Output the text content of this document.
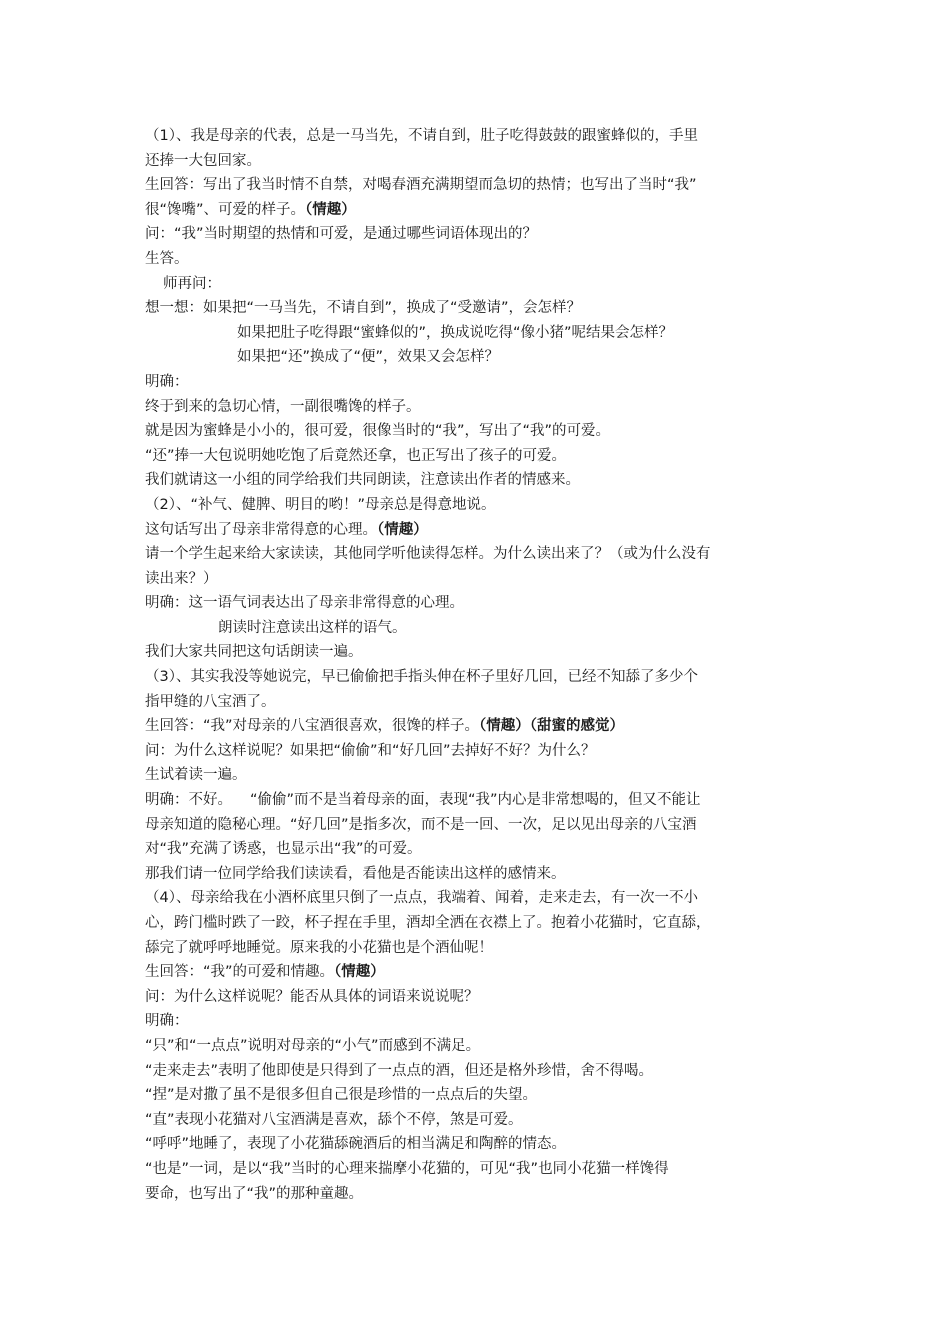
（1）、我是母亲的代表，总是一马当先，不请自到，肚子吃得鼓鼓的跟蜜蜂似的，手里

还捧一大包回家。

生回答：写出了我当时情不自禁，对喝春酒充满期望而急切的热情；也写出了当时“我”

很“馋嘴”、可爱的样子。（情趣）

问：“我”当时期望的热情和可爱，是通过哪些词语体现出的？

生答。

师再问：

想一想：如果把“一马当先，不请自到”，换成了“受邀请”，会怎样？

如果把肚子吃得跟“蜜蜂似的”，换成说吃得“像小猪”呢结果会怎样？

如果把“还”换成了“便”，效果又会怎样？

明确：

终于到来的急切心情，一副很嘴馋的样子。

就是因为蜜蜂是小小的，很可爱，很像当时的“我”，写出了“我”的可爱。

“还”捧一大包说明她吃饱了后竟然还拿，也正写出了孩子的可爱。

我们就请这一小组的同学给我们共同朗读，注意读出作者的情感来。

（2）、“补气、健脾、明目的哟！”母亲总是得意地说。

这句话写出了母亲非常得意的心理。（情趣）

请一个学生起来给大家读读，其他同学听他读得怎样。为什么读出来了？（或为什么没有

读出来？）

明确：这一语气词表达出了母亲非常得意的心理。

朗读时注意读出这样的语气。

我们大家共同把这句话朗读一遍。

（3）、其实我没等她说完，早已偷偷把手指头伸在杯子里好几回，已经不知舔了多少个

指甲缝的八宝酒了。

生回答：“我”对母亲的八宝酒很喜欢，很馋的样子。（情趣）（甜蜜的感觉）

问：为什么这样说呢？如果把“偷偷”和“好几回”去掉好不好？为什么？

生试着读一遍。

明确：不好。 “偷偷”而不是当着母亲的面，表现“我”内心是非常想喝的，但又不能让

母亲知道的隐秘心理。“好几回”是指多次，而不是一回、一次，足以见出母亲的八宝酒

对“我”充满了诱惑，也显示出“我”的可爱。

那我们请一位同学给我们读读看，看他是否能读出这样的感情来。

（4）、母亲给我在小酒杯底里只倒了一点点，我端着、闻着，走来走去，有一次一不小

心，跨门槛时跌了一跤，杯子捏在手里，酒却全洒在衣襟上了。抱着小花猫时，它直舔，

舔完了就呼呼地睡觉。原来我的小花猫也是个酒仙呢！

生回答：“我”的可爱和情趣。（情趣）

问：为什么这样说呢？能否从具体的词语来说说呢？

明确：

“只”和“一点点”说明对母亲的“小气”而感到不满足。

“走来走去”表明了他即使是只得到了一点点的酒，但还是格外珍惜，舍不得喝。

“捏”是对撒了虽不是很多但自己很是珍惜的一点点后的失望。

“直”表现小花猫对八宝酒满是喜欢，舔个不停，煞是可爱。

“呼呼”地睡了，表现了小花猫舔碗酒后的相当满足和陶醉的情态。

“也是”一词，是以“我”当时的心理来揣摩小花猫的，可见“我”也同小花猫一样馋得

要命，也写出了“我”的那种童趣。
